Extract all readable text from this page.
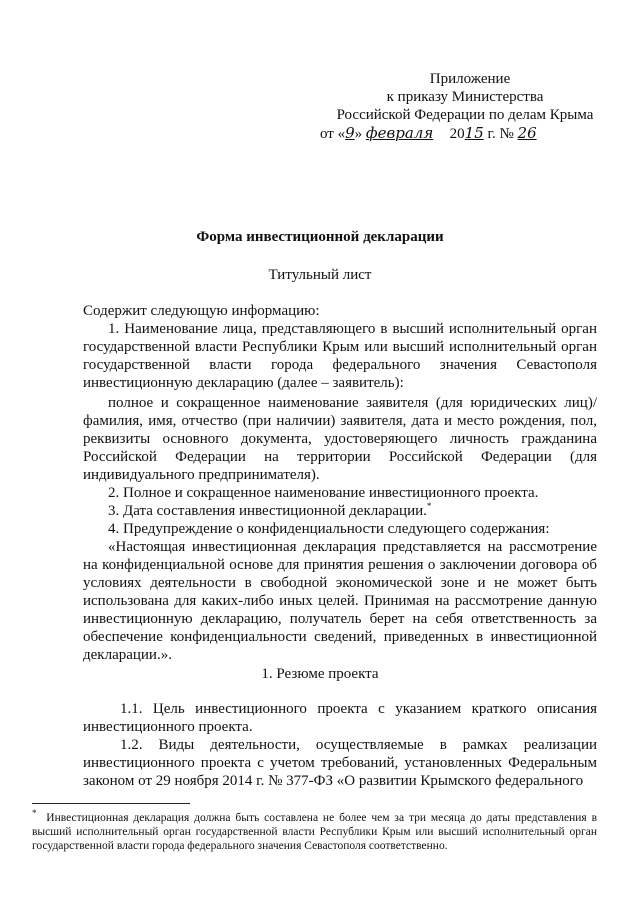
Приложение
к приказу Министерства
Российской Федерации по делам Крыма
от «9» февраля 2015 г. № 26
Форма инвестиционной декларации
Титульный лист
Содержит следующую информацию:
1. Наименование лица, представляющего в высший исполнительный орган государственной власти Республики Крым или высший исполнительный орган государственной власти города федерального значения Севастополя инвестиционную декларацию (далее – заявитель):
полное и сокращенное наименование заявителя (для юридических лиц)/ фамилия, имя, отчество (при наличии) заявителя, дата и место рождения, пол, реквизиты основного документа, удостоверяющего личность гражданина Российской Федерации на территории Российской Федерации (для индивидуального предпринимателя).
2. Полное и сокращенное наименование инвестиционного проекта.
3. Дата составления инвестиционной декларации.*
4. Предупреждение о конфиденциальности следующего содержания:
«Настоящая инвестиционная декларация представляется на рассмотрение на конфиденциальной основе для принятия решения о заключении договора об условиях деятельности в свободной экономической зоне и не может быть использована для каких-либо иных целей. Принимая на рассмотрение данную инвестиционную декларацию, получатель берет на себя ответственность за обеспечение конфиденциальности сведений, приведенных в инвестиционной декларации.».
1. Резюме проекта
1.1. Цель инвестиционного проекта с указанием краткого описания инвестиционного проекта.
1.2. Виды деятельности, осуществляемые в рамках реализации инвестиционного проекта с учетом требований, установленных Федеральным законом от 29 ноября 2014 г. № 377-ФЗ «О развитии Крымского федерального
* Инвестиционная декларация должна быть составлена не более чем за три месяца до даты представления в высший исполнительный орган государственной власти Республики Крым или высший исполнительный орган государственной власти города федерального значения Севастополя соответственно.
